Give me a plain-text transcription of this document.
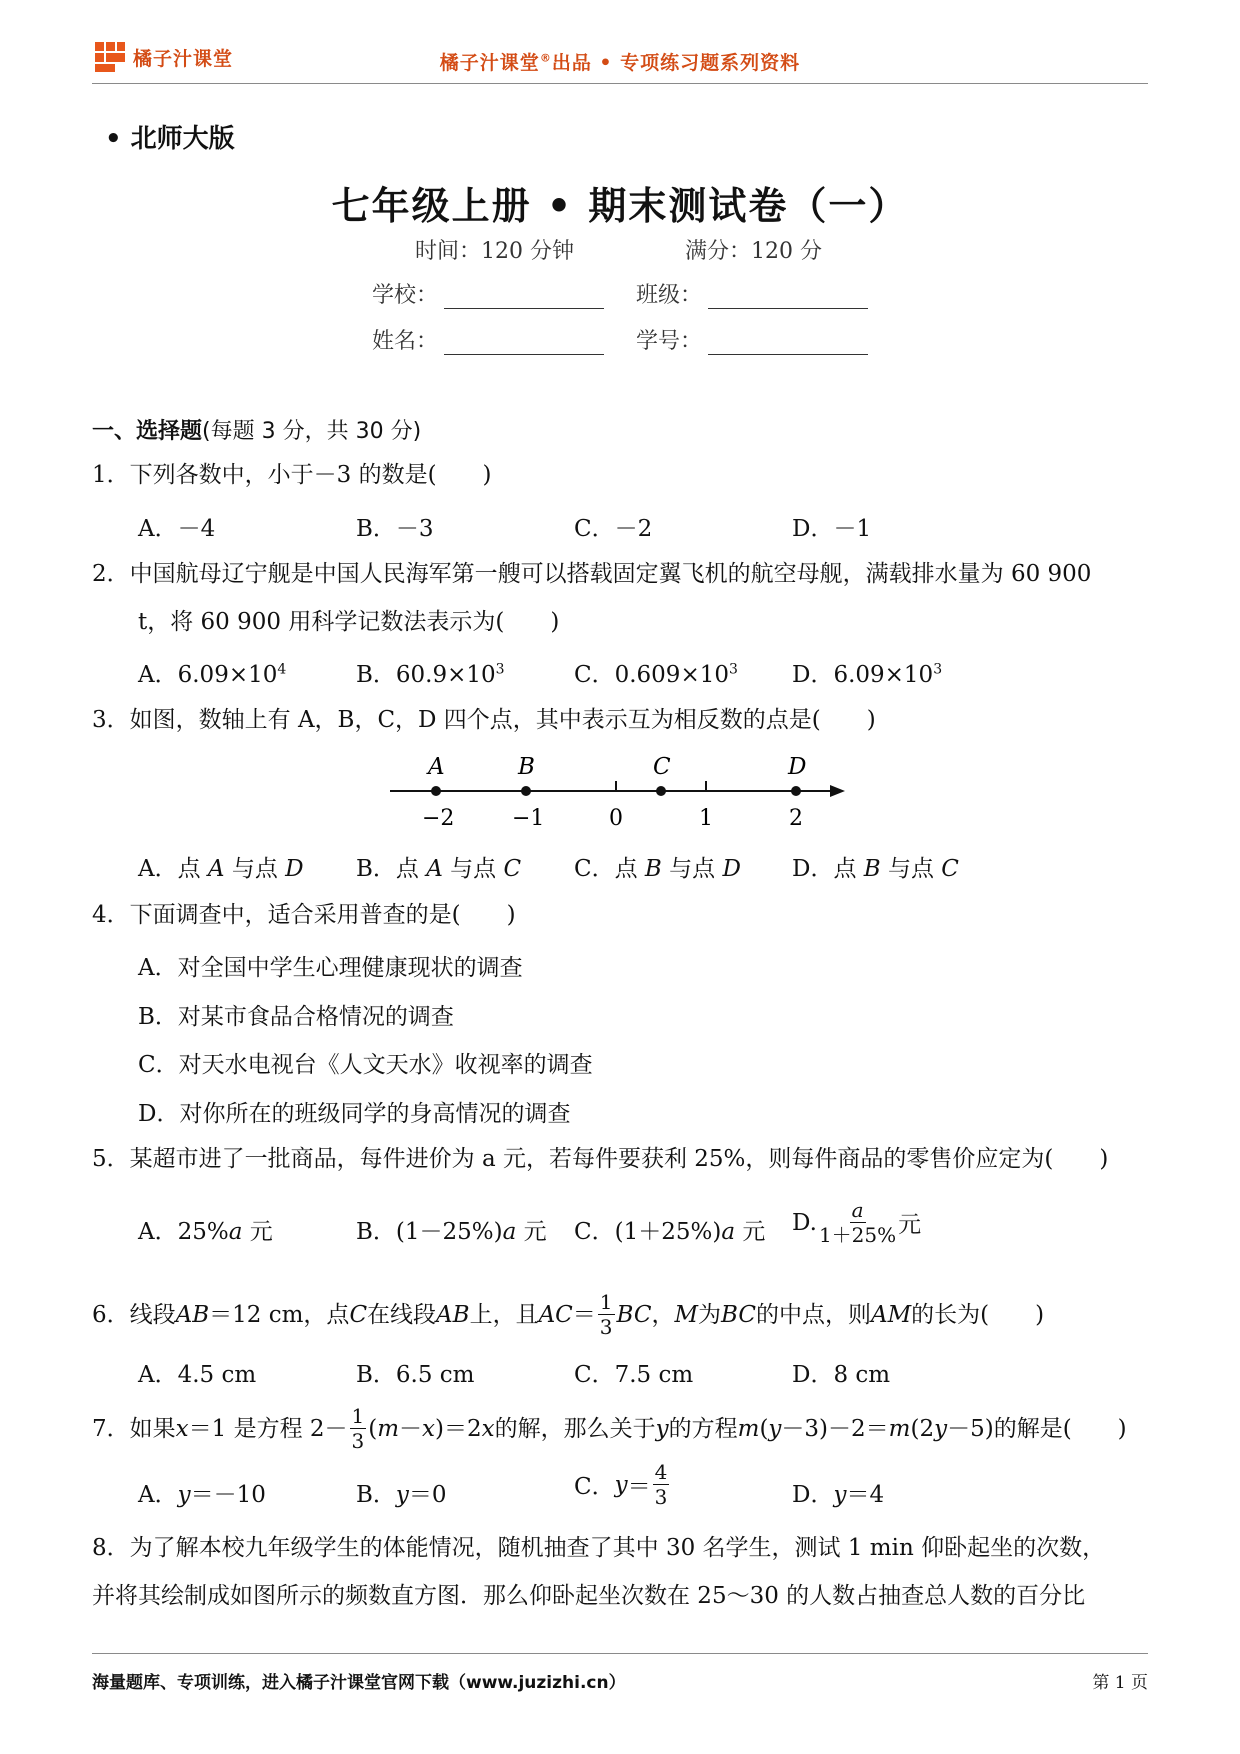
橘子汁课堂	橘子汁课堂®出品 • 专项练习题系列资料
• 北师大版
七年级上册 • 期末测试卷（一）
时间：120 分钟	满分：120 分
学校：	班级：
姓名：	学号：
一、选择题(每题 3 分，共 30 分)
1．下列各数中，小于－3 的数是(　　)
A．－4	B．－3	C．－2	D．－1
2．中国航母辽宁舰是中国人民海军第一艘可以搭载固定翼飞机的航空母舰，满载排水量为 60 900
t，将 60 900 用科学记数法表示为(　　)
A．$6.09\times 10^4$	B．$60.9\times 10^3$	C．$0.609\times 10^3$ D．$6.09\times 10^3$
3．如图，数轴上有 A，B，C，D 四个点，其中表示互为相反数的点是(　　)
A	B	C	D
−2	−1	0	1	2
A．点 A 与点 D B．点 A 与点 C C．点 B 与点 D D．点 B 与点 C
4．下面调查中，适合采用普查的是(　　)
A．对全国中学生心理健康现状的调查
B．对某市食品合格情况的调查
C．对天水电视台《人文天水》收视率的调查
D．对你所在的班级同学的身高情况的调查
5．某超市进了一批商品，每件进价为 a 元，若每件要获利 25%，则每件商品的零售价应定为(　　)
A．25%a 元	B．(1－25%)a 元 C．(1＋25%)a 元 D. $\frac{a}{1+25\%}$ 元
6．线段 AB ＝12 cm，点 C 在线段 AB 上，且 AC ＝ $\frac{1}{3}$ BC ， M 为 BC 的中点，则 AM 的长为(　　)
A．4.5 cm	B．6.5 cm	C．7.5 cm	D．8 cm
7．如果 x ＝1 是方程 $2- \frac{1}{3}$ ( m － x )＝2 x 的解，那么关于 y 的方程 m ( y －3)－2＝ m (2 y －5)的解是(　　)
A．y＝－10	B．y＝0	C． $y = \frac{4}{3}$	D．y＝4
8．为了解本校九年级学生的体能情况，随机抽查了其中 30 名学生，测试 1 min 仰卧起坐的次数，
并将其绘制成如图所示的频数直方图．那么仰卧起坐次数在 25～30 的人数占抽查总人数的百分比
海量题库、专项训练，进入橘子汁课堂官网下载（www.juzizhi.cn）	第 1 页
